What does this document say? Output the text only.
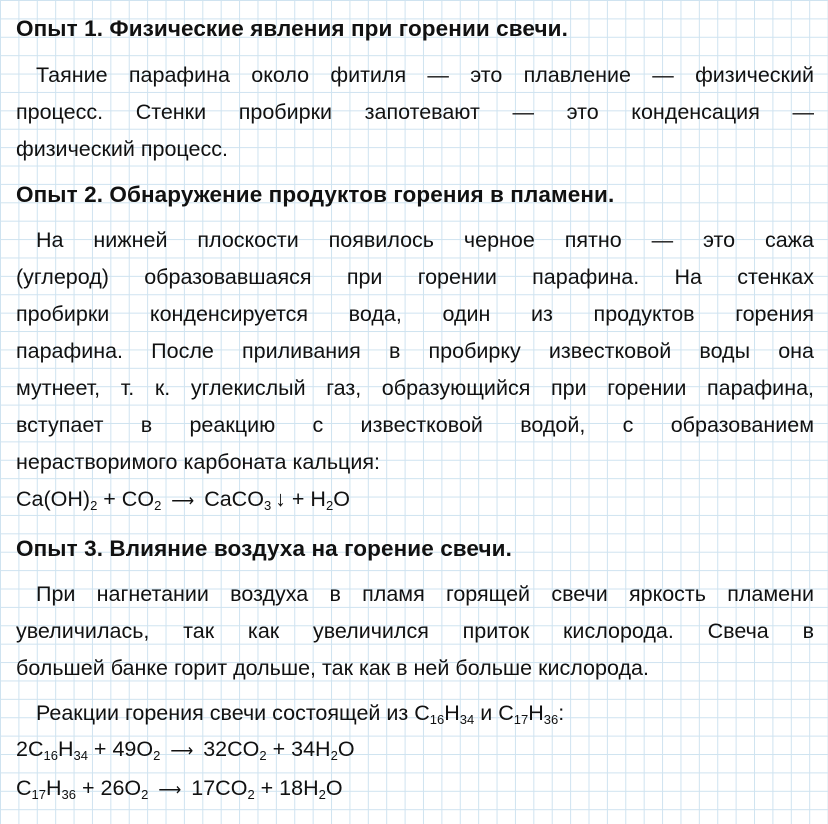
Опыт 1. Физические явления при горении свечи.

Таяние парафина около фитиля — это плавление — физический

процесс. Стенки пробирки запотевают — это конденсация —

физический процесс.

Опыт 2. Обнаружение продуктов горения в пламени.

На нижней плоскости появилось черное пятно — это сажа

(углерод) образовавшаяся при горении парафина. На стенках

пробирки конденсируется вода, один из продуктов горения

парафина. После приливания в пробирку известковой воды она

мутнеет, т. к. углекислый газ, образующийся при горении парафина,

вступает в реакцию с известковой водой, с образованием

нерастворимого карбоната кальция:

$Ca(OH)_2 + CO_2$ ⟶ CaCO$_3$ ↓ + $H_2O$
Опыт 3. Влияние воздуха на горение свечи.

При нагнетании воздуха в пламя горящей свечи яркость пламени

увеличилась, так как увеличился приток кислорода. Свеча в

большей банке горит дольше, так как в ней больше кислорода.

Реакции горения свечи состоящей из $C_{16}H_{34}$ и $C_{17}H_{36}$:
$2C_{16}H_{34} + 49O_2$ ⟶ $32CO_2 + 34H_2O$
$C_{17}H_{36} + 26O_2$ ⟶ $17CO_2 + 18H_2O$
